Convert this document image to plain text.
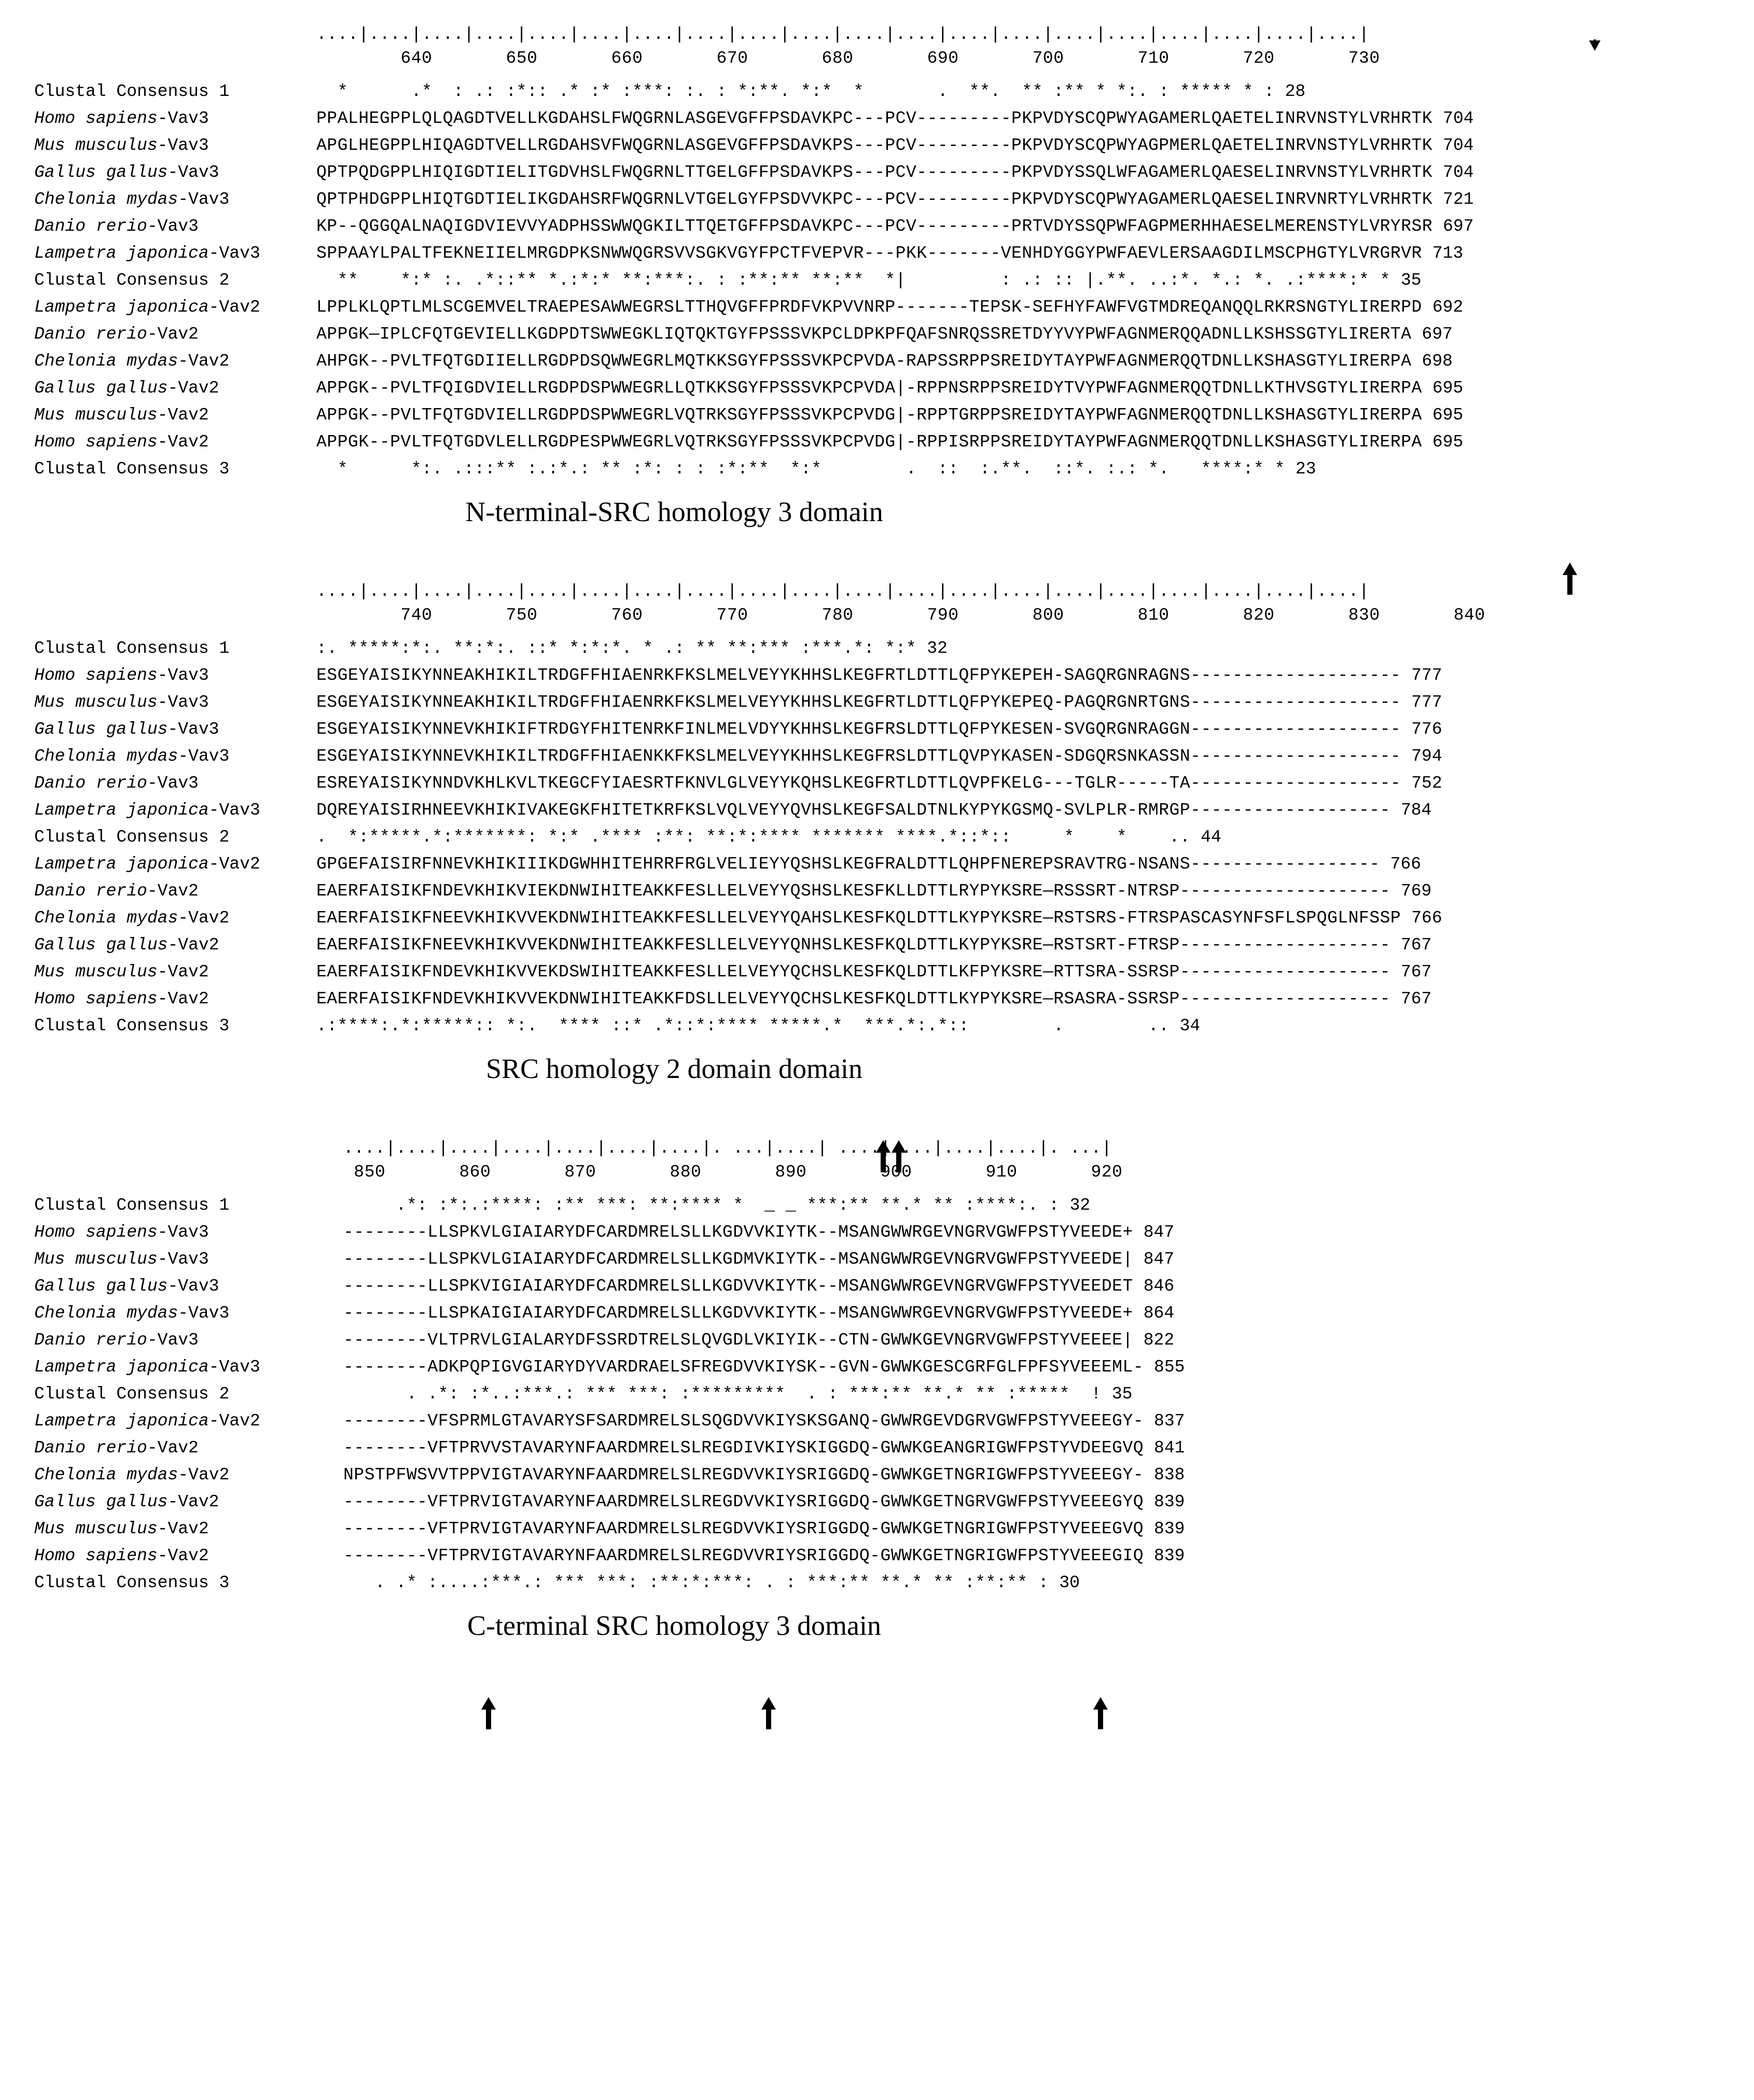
....|....|....|....|....|....|....|....|....|....|....|....|....|....|....|....|....|....|....|....|
640       650       660       670       680       690       700       710       720       730
Clustal Consensus 1	*      .*  : .: :*:: .* :* :***: :. : *:**. *:*  *       .  **.  ** :** * *:. : ***** * : 28
Homo sapiens-Vav3	PPALHEGPPLQLQAGDTVELLKGDAHSLFWQGRNLASGEVGFFPSDAVKPC---PCV---------PKPVDYSCQPWYAGAMERLQAETELINRVNSTYLVRHRTK 704
Mus musculus-Vav3	APGLHEGPPLHIQAGDTVELLRGDAHSVFWQGRNLASGEVGFFPSDAVKPS---PCV---------PKPVDYSCQPWYAGPMERLQAETELINRVNSTYLVRHRTK 704
Gallus gallus-Vav3	QPTPQDGPPLHIQIGDTIELITGDVHSLFWQGRNLTTGELGFFPSDAVKPS---PCV---------PKPVDYSSQLWFAGAMERLQAESELINRVNSTYLVRHRTK 704
Chelonia mydas-Vav3	QPTPHDGPPLHIQTGDTIELIKGDAHSRFWQGRNLVTGELGYFPSDVVKPC---PCV---------PKPVDYSCQPWYAGAMERLQAESELINRVNRTYLVRHRTK 721
Danio rerio-Vav3	KP--QGGQALNAQIGDVIEVVYADPHSSWWQGKILTTQETGFFPSDAVKPC---PCV---------PRTVDYSSQPWFAGPMERHHAESELMERENSTYLVRYRSR 697
Lampetra japonica-Vav3	SPPAAYLPALTFEKNEIIELMRGDPKSNWWQGRSVVSGKVGYFPCTFVEPVR---PKK-------VENHDYGGYPWFAEVLERSAAGDILMSCPHGTYLVRGRVR 713
Clustal Consensus 2	**    *:* :. .*::** *.:*:* **:***:. : :**:** **:**  *|         : .: :: |.**. ..:*. *.: *. .:****:* * 35
Lampetra japonica-Vav2	LPPLKLQPTLMLSCGEMVELTRAEPESAWWEGRSLTTHQVGFFPRDFVKPVVNRP-------TEPSK-SEFHYFAWFVGTMDREQANQQLRKRSNGTYLIRERPD 692
Danio rerio-Vav2	APPGK—IPLCFQTGEVIELLKGDPDTSWWEGKLIQTQKTGYFPSSSVKPCLDPKPFQAFSNRQSSRETDYYVYPWFAGNMERQQADNLLKSHSSGTYLIRERTA 697
Chelonia mydas-Vav2	AHPGK--PVLTFQTGDIIELLRGDPDSQWWEGRLMQTKKSGYFPSSSVKPCPVDA-RAPSSRPPSREIDYTAYPWFAGNMERQQTDNLLKSHASGTYLIRERPA 698
Gallus gallus-Vav2	APPGK--PVLTFQIGDVIELLRGDPDSPWWEGRLLQTKKSGYFPSSSVKPCPVDA|-RPPNSRPPSREIDYTVYPWFAGNMERQQTDNLLKTHVSGTYLIRERPA 695
Mus musculus-Vav2	APPGK--PVLTFQTGDVIELLRGDPDSPWWEGRLVQTRKSGYFPSSSVKPCPVDG|-RPPTGRPPSREIDYTAYPWFAGNMERQQTDNLLKSHASGTYLIRERPA 695
Homo sapiens-Vav2	APPGK--PVLTFQTGDVLELLRGDPESPWWEGRLVQTRKSGYFPSSSVKPCPVDG|-RPPISRPPSREIDYTAYPWFAGNMERQQTDNLLKSHASGTYLIRERPA 695
Clustal Consensus 3	*      *:. .:::** :.:*.: ** :*: : : :*:**  *:*        .  ::  :.**.  ::*. :.: *.   ****:* * 23
N-terminal-SRC homology 3 domain
....|....|....|....|....|....|....|....|....|....|....|....|....|....|....|....|....|....|....|....|
740       750       760       770       780       790       800       810       820       830       840
Clustal Consensus 1	:. *****:*:. **:*:. ::* *:*:*. * .: ** **:*** :***.*: *:* 32
Homo sapiens-Vav3	ESGEYAISIKYNNEAKHIKILTRDGFFHIAENRKFKSLMELVEYYKHHSLKEGFRTLDTTLQFPYKEPEH-SAGQRGNRAGNS-------------------- 777
Mus musculus-Vav3	ESGEYAISIKYNNEAKHIKILTRDGFFHIAENRKFKSLMELVEYYKHHSLKEGFRTLDTTLQFPYKEPEQ-PAGQRGNRTGNS-------------------- 777
Gallus gallus-Vav3	ESGEYAISIKYNNEVKHIKIFTRDGYFHITENRKFINLMELVDYYKHHSLKEGFRSLDTTLQFPYKESEN-SVGQRGNRAGGN-------------------- 776
Chelonia mydas-Vav3	ESGEYAISIKYNNEVKHIKILTRDGFFHIAENKKFKSLMELVEYYKHHSLKEGFRSLDTTLQVPYKASEN-SDGQRSNKASSN-------------------- 794
Danio rerio-Vav3	ESREYAISIKYNNDVKHLKVLTKEGCFYIAESRTFKNVLGLVEYYKQHSLKEGFRTLDTTLQVPFKELG---TGLR-----TA-------------------- 752
Lampetra japonica-Vav3	DQREYAISIRHNEEVKHIKIVAKEGKFHITETKRFKSLVQLVEYYQVHSLKEGFSALDTNLKYPYKGSMQ-SVLPLR-RMRGP------------------- 784
Clustal Consensus 2	.  *:*****.*:*******: *:* .**** :**: **:*:**** ******* ****.*::*::     *    *    .. 44
Lampetra japonica-Vav2	GPGEFAISIRFNNEVKHIKIIIKDGWHHITEHRRFRGLVELIEYYQSHSLKEGFRALDTTLQHPFNEREPSRAVTRG-NSANS------------------ 766
Danio rerio-Vav2	EAERFAISIKFNDEVKHIKVIEKDNWIHITEAKKFESLLELVEYYQSHSLKESFKLLDTTLRYPYKSRE—RSSSRT-NTRSP-------------------- 769
Chelonia mydas-Vav2	EAERFAISIKFNEEVKHIKVVEKDNWIHITEAKKFESLLELVEYYQAHSLKESFKQLDTTLKYPYKSRE—RSTSRS-FTRSPASCASYNFSFLSPQGLNFSSP 766
Gallus gallus-Vav2	EAERFAISIKFNEEVKHIKVVEKDNWIHITEAKKFESLLELVEYYQNHSLKESFKQLDTTLKYPYKSRE—RSTSRT-FTRSP-------------------- 767
Mus musculus-Vav2	EAERFAISIKFNDEVKHIKVVEKDSWIHITEAKKFESLLELVEYYQCHSLKESFKQLDTTLKFPYKSRE—RTTSRA-SSRSP-------------------- 767
Homo sapiens-Vav2	EAERFAISIKFNDEVKHIKVVEKDNWIHITEAKKFDSLLELVEYYQCHSLKESFKQLDTTLKYPYKSRE—RSASRA-SSRSP-------------------- 767
Clustal Consensus 3	.:****:.*:*****:: *:.  **** ::* .*::*:**** *****.*  ***.*:.*::        .        .. 34
SRC homology 2 domain domain
....|....|....|....|....|....|....|. ...|....| ....|....|....|....|. ...|
850       860       870       880       890       900       910       920
Clustal Consensus 1	.*: :*:.:****: :** ***: **:**** *  _ _ ***:** **.* ** :****:. : 32
Homo sapiens-Vav3	--------LLSPKVLGIAIARYDFCARDMRELSLLKGDVVKIYTK--MSANGWWRGEVNGRVGWFPSTYVEEDE+ 847
Mus musculus-Vav3	--------LLSPKVLGIAIARYDFCARDMRELSLLKGDMVKIYTK--MSANGWWRGEVNGRVGWFPSTYVEEDE| 847
Gallus gallus-Vav3	--------LLSPKVIGIAIARYDFCARDMRELSLLKGDVVKIYTK--MSANGWWRGEVNGRVGWFPSTYVEEDET 846
Chelonia mydas-Vav3	--------LLSPKAIGIAIARYDFCARDMRELSLLKGDVVKIYTK--MSANGWWRGEVNGRVGWFPSTYVEEDE+ 864
Danio rerio-Vav3	--------VLTPRVLGIALARYDFSSRDTRELSLQVGDLVKIYIK--CTN-GWWKGEVNGRVGWFPSTYVEEEE| 822
Lampetra japonica-Vav3	--------ADKPQPIGVGIARYDYVARDRAELSFREGDVVKIYSK--GVN-GWWKGESCGRFGLFPFSYVEEEML- 855
Clustal Consensus 2	. .*: :*..:***.: *** ***: :*********  . : ***:** **.* ** :*****  ! 35
Lampetra japonica-Vav2	--------VFSPRMLGTAVARYSFSARDMRELSLSQGDVVKIYSKSGANQ-GWWRGEVDGRVGWFPSTYVEEEGY- 837
Danio rerio-Vav2	--------VFTPRVVSTAVARYNFAARDMRELSLREGDIVKIYSKIGGDQ-GWWKGEANGRIGWFPSTYVDEEGVQ 841
Chelonia mydas-Vav2	NPSTPFWSVVTPPVIGTAVARYNFAARDMRELSLREGDVVKIYSRIGGDQ-GWWKGETNGRIGWFPSTYVEEEGY- 838
Gallus gallus-Vav2	--------VFTPRVIGTAVARYNFAARDMRELSLREGDVVKIYSRIGGDQ-GWWKGETNGRVGWFPSTYVEEEGYQ 839
Mus musculus-Vav2	--------VFTPRVIGTAVARYNFAARDMRELSLREGDVVKIYSRIGGDQ-GWWKGETNGRIGWFPSTYVEEEGVQ 839
Homo sapiens-Vav2	--------VFTPRVIGTAVARYNFAARDMRELSLREGDVVRIYSRIGGDQ-GWWKGETNGRIGWFPSTYVEEEGIQ 839
Clustal Consensus 3	. .* :....:***.: *** ***: :**:*:***: . : ***:** **.* ** :**:** : 30
C-terminal SRC homology 3 domain
